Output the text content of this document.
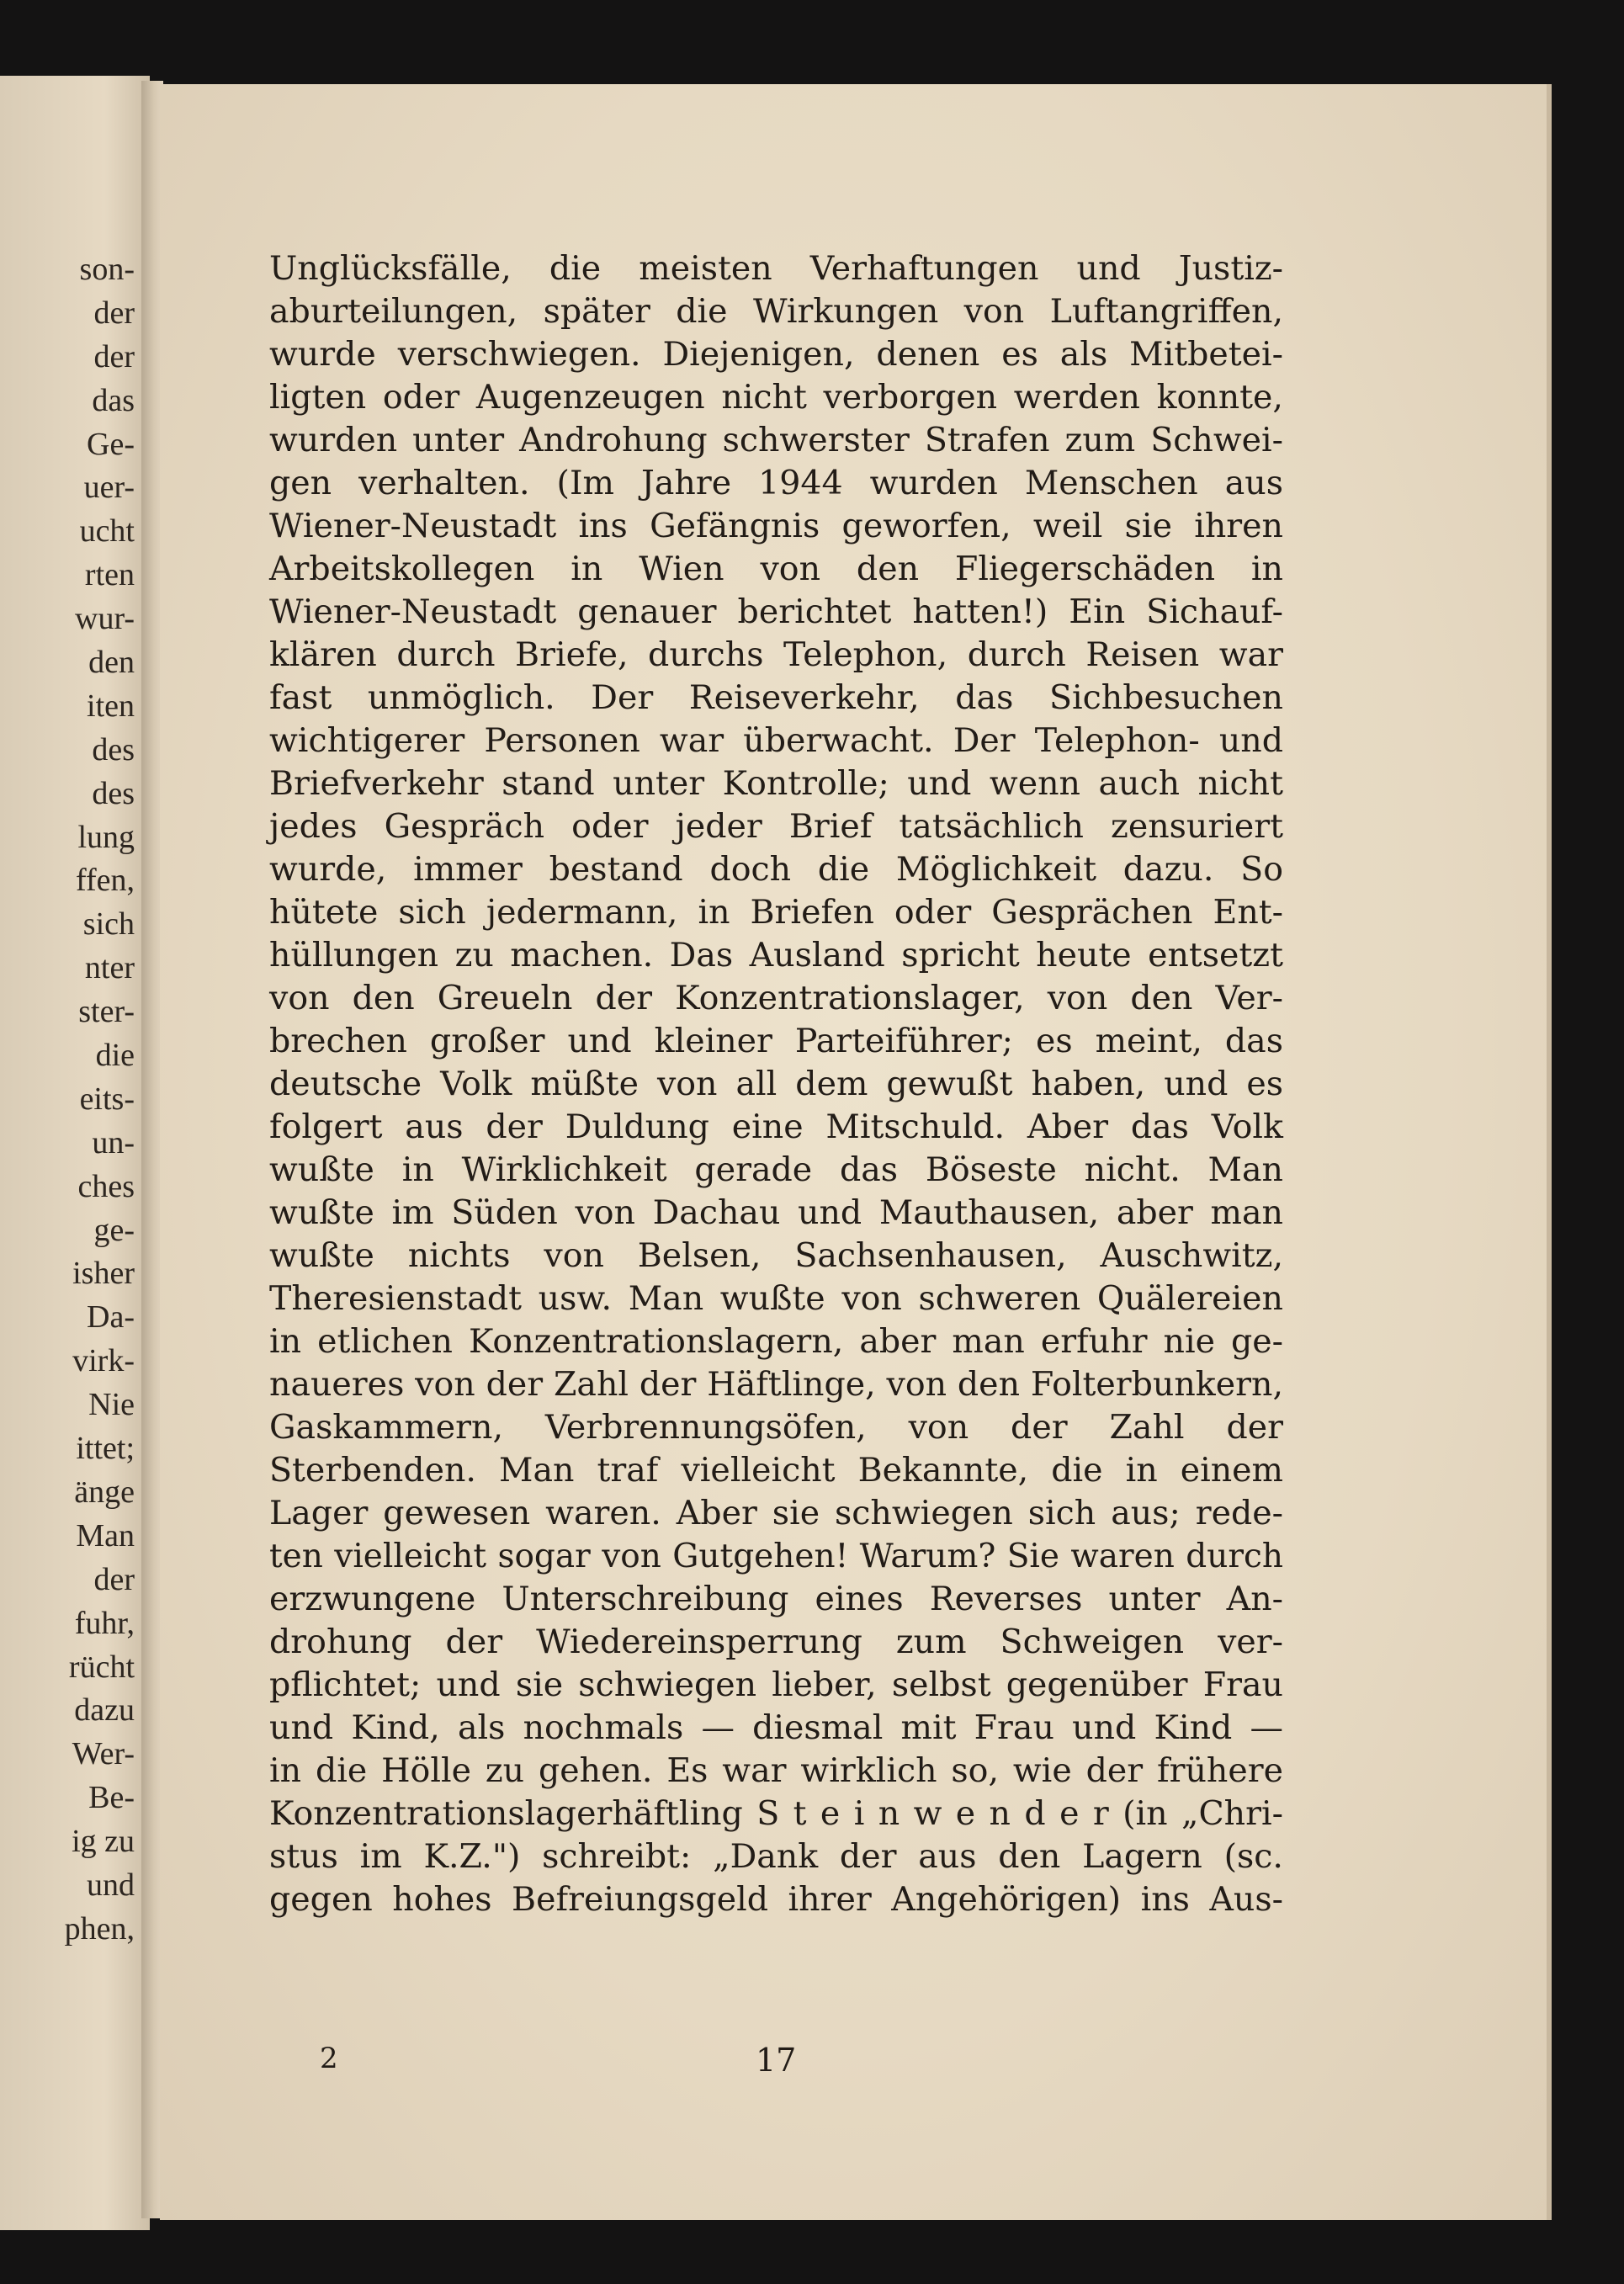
son-
der
der
das
Ge-
uer-
ucht
rten
wur-
den
iten
des
des
lung
ffen,
sich
nter
ster-
die
eits-
un-
ches
ge-
isher
Da-
virk-
Nie
ittet;
änge
Man
der
fuhr,
rücht
dazu
Wer-
Be-
ig zu
und
phen,
Unglücksfälle, die meisten Verhaftungen und Justiz-
aburteilungen, später die Wirkungen von Luftangriffen,
wurde verschwiegen. Diejenigen, denen es als Mitbetei-
ligten oder Augenzeugen nicht verborgen werden konnte,
wurden unter Androhung schwerster Strafen zum Schwei-
gen verhalten. (Im Jahre 1944 wurden Menschen aus
Wiener-Neustadt ins Gefängnis geworfen, weil sie ihren
Arbeitskollegen in Wien von den Fliegerschäden in
Wiener-Neustadt genauer berichtet hatten!) Ein Sichauf-
klären durch Briefe, durchs Telephon, durch Reisen war
fast unmöglich. Der Reiseverkehr, das Sichbesuchen
wichtigerer Personen war überwacht. Der Telephon- und
Briefverkehr stand unter Kontrolle; und wenn auch nicht
jedes Gespräch oder jeder Brief tatsächlich zensuriert
wurde, immer bestand doch die Möglichkeit dazu. So
hütete sich jedermann, in Briefen oder Gesprächen Ent-
hüllungen zu machen. Das Ausland spricht heute entsetzt
von den Greueln der Konzentrationslager, von den Ver-
brechen großer und kleiner Parteiführer; es meint, das
deutsche Volk müßte von all dem gewußt haben, und es
folgert aus der Duldung eine Mitschuld. Aber das Volk
wußte in Wirklichkeit gerade das Böseste nicht. Man
wußte im Süden von Dachau und Mauthausen, aber man
wußte nichts von Belsen, Sachsenhausen, Auschwitz,
Theresienstadt usw. Man wußte von schweren Quälereien
in etlichen Konzentrationslagern, aber man erfuhr nie ge-
naueres von der Zahl der Häftlinge, von den Folterbunkern,
Gaskammern, Verbrennungsöfen, von der Zahl der
Sterbenden. Man traf vielleicht Bekannte, die in einem
Lager gewesen waren. Aber sie schwiegen sich aus; rede-
ten vielleicht sogar von Gutgehen! Warum? Sie waren durch
erzwungene Unterschreibung eines Reverses unter An-
drohung der Wiedereinsperrung zum Schweigen ver-
pflichtet; und sie schwiegen lieber, selbst gegenüber Frau
und Kind, als nochmals — diesmal mit Frau und Kind —
in die Hölle zu gehen. Es war wirklich so, wie der frühere
Konzentrationslagerhäftling S t e i n w e n d e r (in „Chri-
stus im K.Z.") schreibt: „Dank der aus den Lagern (sc.
gegen hohes Befreiungsgeld ihrer Angehörigen) ins Aus-
2	17
